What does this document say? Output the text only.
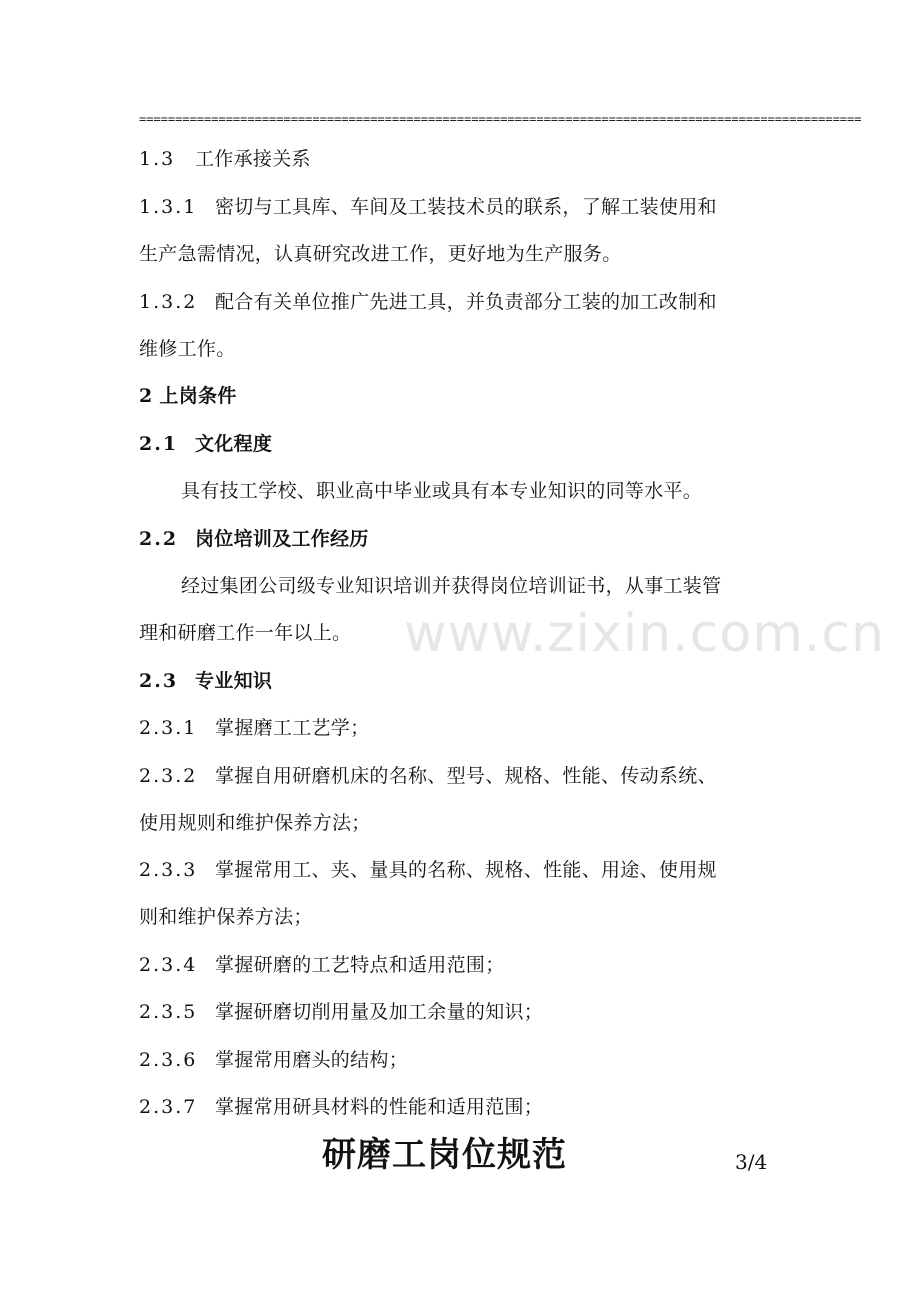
====================================================================================================
1.3 工作承接关系
1.3.1 密切与工具库、车间及工装技术员的联系，了解工装使用和
生产急需情况，认真研究改进工作，更好地为生产服务。
1.3.2 配合有关单位推广先进工具，并负责部分工装的加工改制和
维修工作。
2 上岗条件
2.1 文化程度
具有技工学校、职业高中毕业或具有本专业知识的同等水平。
2.2 岗位培训及工作经历
经过集团公司级专业知识培训并获得岗位培训证书，从事工装管
理和研磨工作一年以上。
2.3 专业知识
2.3.1 掌握磨工工艺学；
2.3.2 掌握自用研磨机床的名称、型号、规格、性能、传动系统、
使用规则和维护保养方法；
2.3.3 掌握常用工、夹、量具的名称、规格、性能、用途、使用规
则和维护保养方法；
2.3.4 掌握研磨的工艺特点和适用范围；
2.3.5 掌握研磨切削用量及加工余量的知识；
2.3.6 掌握常用磨头的结构；
2.3.7 掌握常用研具材料的性能和适用范围；
www.zixin.com.cn
研磨工岗位规范	3/4
